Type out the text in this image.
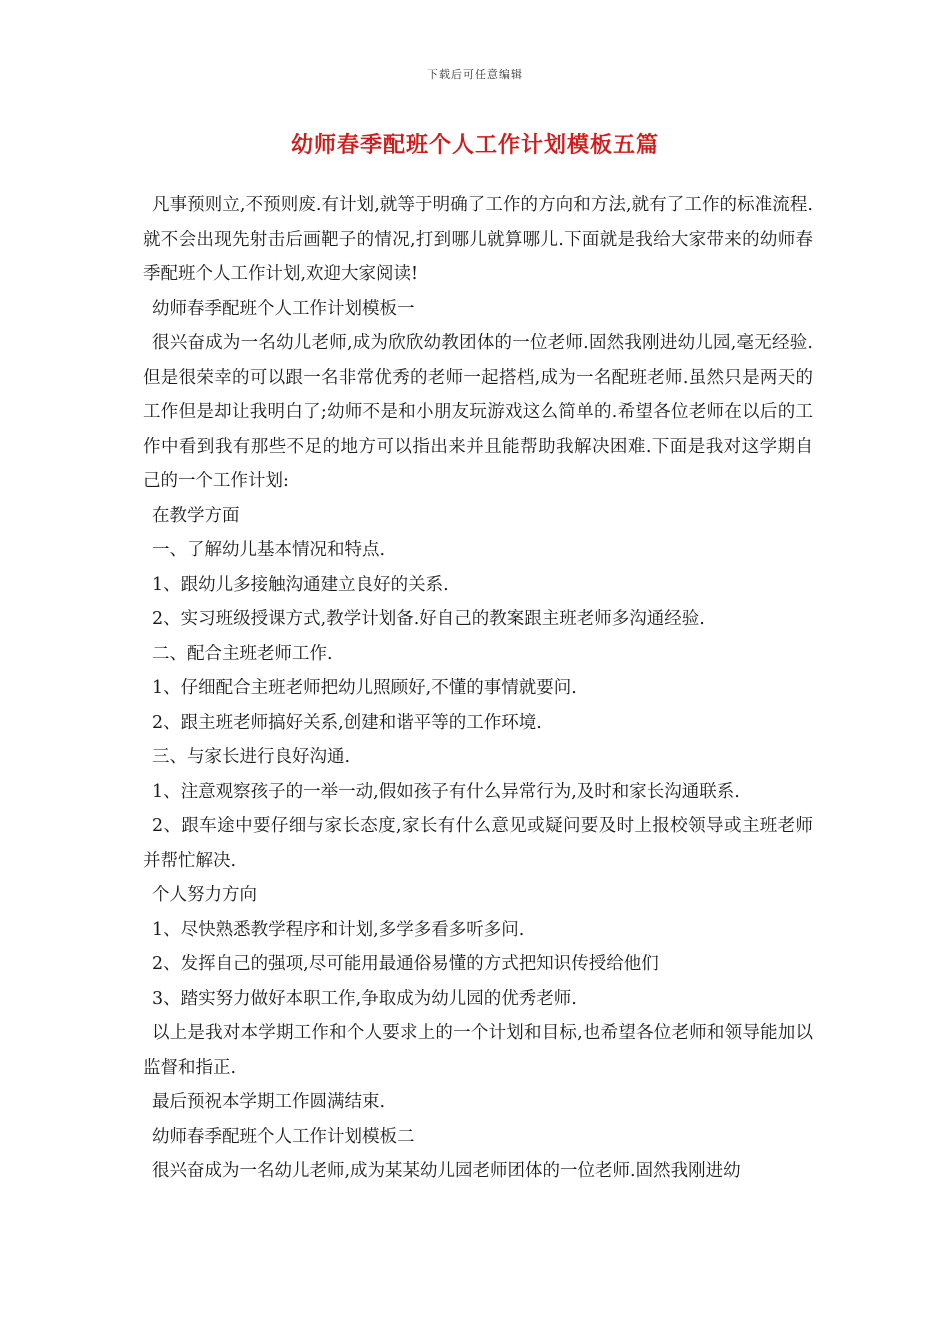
下载后可任意编辑
幼师春季配班个人工作计划模板五篇

凡事预则立,不预则废.有计划,就等于明确了工作的方向和方法,就有了工作的标准流程.就不会出现先射击后画靶子的情况,打到哪儿就算哪儿.下面就是我给大家带来的幼师春季配班个人工作计划,欢迎大家阅读!

幼师春季配班个人工作计划模板一

很兴奋成为一名幼儿老师,成为欣欣幼教团体的一位老师.固然我刚进幼儿园,毫无经验.但是很荣幸的可以跟一名非常优秀的老师一起搭档,成为一名配班老师.虽然只是两天的工作但是却让我明白了;幼师不是和小朋友玩游戏这么简单的.希望各位老师在以后的工作中看到我有那些不足的地方可以指出来并且能帮助我解决困难.下面是我对这学期自己的一个工作计划:

在教学方面

一、了解幼儿基本情况和特点.

1、跟幼儿多接触沟通建立良好的关系.

2、实习班级授课方式,教学计划备.好自己的教案跟主班老师多沟通经验.

二、配合主班老师工作.

1、仔细配合主班老师把幼儿照顾好,不懂的事情就要问.

2、跟主班老师搞好关系,创建和谐平等的工作环境.

三、与家长进行良好沟通.

1、注意观察孩子的一举一动,假如孩子有什么异常行为,及时和家长沟通联系.

2、跟车途中要仔细与家长态度,家长有什么意见或疑问要及时上报校领导或主班老师并帮忙解决.

个人努力方向

1、尽快熟悉教学程序和计划,多学多看多听多问.

2、发挥自己的强项,尽可能用最通俗易懂的方式把知识传授给他们

3、踏实努力做好本职工作,争取成为幼儿园的优秀老师.

以上是我对本学期工作和个人要求上的一个计划和目标,也希望各位老师和领导能加以监督和指正.

最后预祝本学期工作圆满结束.

幼师春季配班个人工作计划模板二

很兴奋成为一名幼儿老师,成为某某幼儿园老师团体的一位老师.固然我刚进幼
